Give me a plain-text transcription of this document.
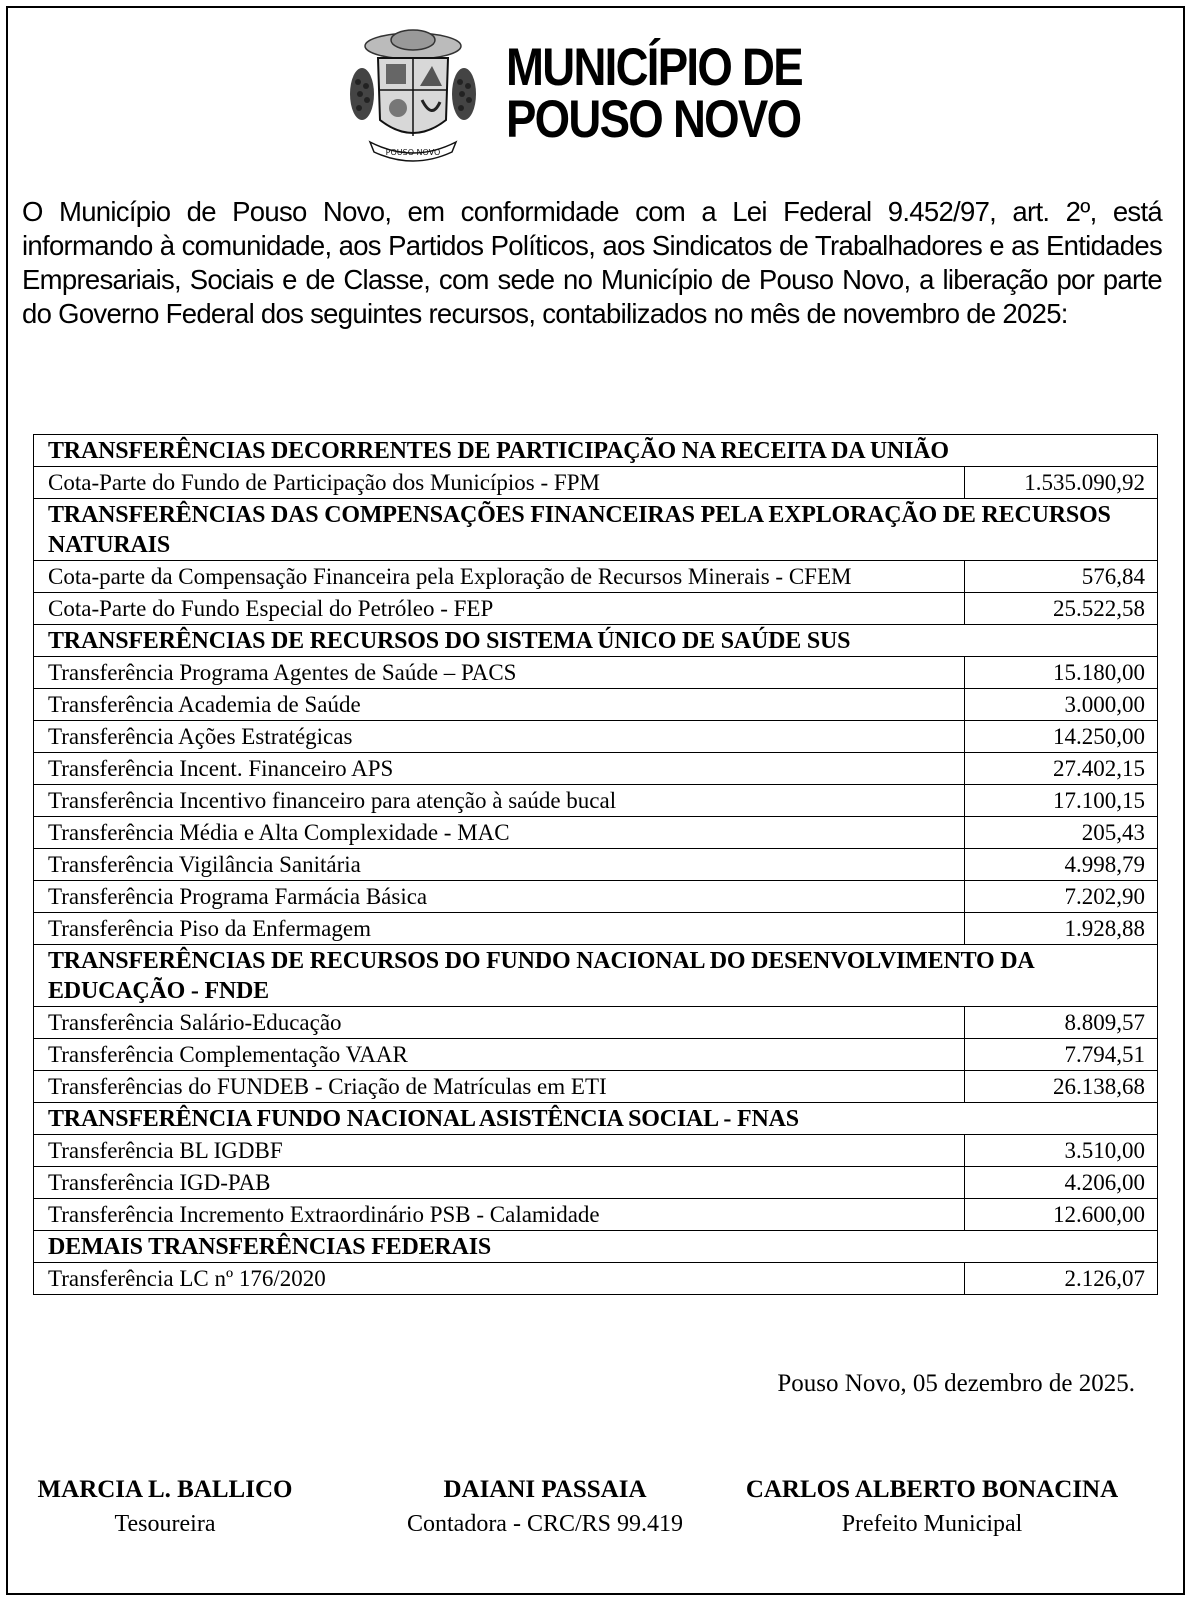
POUSO NOVO
MUNICÍPIO DE
POUSO NOVO
O Município de Pouso Novo, em conformidade com a Lei Federal 9.452/97, art. 2º, está informando à comunidade, aos Partidos Políticos, aos Sindicatos de Trabalhadores e as Entidades Empresariais, Sociais e de Classe, com sede no Município de Pouso Novo, a liberação por parte do Governo Federal dos seguintes recursos, contabilizados no mês de novembro de 2025:
TRANSFERÊNCIAS DECORRENTES DE PARTICIPAÇÃO NA RECEITA DA UNIÃO	
Cota-Parte do Fundo de Participação dos Municípios - FPM	1.535.090,92
TRANSFERÊNCIAS DAS COMPENSAÇÕES FINANCEIRAS PELA EXPLORAÇÃO DE RECURSOS NATURAIS	
Cota-parte da Compensação Financeira pela Exploração de Recursos Minerais - CFEM	576,84
Cota-Parte do Fundo Especial do Petróleo - FEP	25.522,58
TRANSFERÊNCIAS DE RECURSOS DO SISTEMA ÚNICO DE SAÚDE SUS	
Transferência Programa Agentes de Saúde – PACS	15.180,00
Transferência Academia de Saúde	3.000,00
Transferência Ações Estratégicas	14.250,00
Transferência Incent. Financeiro APS	27.402,15
Transferência Incentivo financeiro para atenção à saúde bucal	17.100,15
Transferência Média e Alta Complexidade - MAC	205,43
Transferência Vigilância Sanitária	4.998,79
Transferência Programa Farmácia Básica	7.202,90
Transferência Piso da Enfermagem	1.928,88
TRANSFERÊNCIAS DE RECURSOS DO FUNDO NACIONAL DO DESENVOLVIMENTO DA EDUCAÇÃO - FNDE	
Transferência Salário-Educação	8.809,57
Transferência Complementação VAAR	7.794,51
Transferências do FUNDEB - Criação de Matrículas em ETI	26.138,68
TRANSFERÊNCIA FUNDO NACIONAL ASISTÊNCIA SOCIAL - FNAS	
Transferência BL IGDBF	3.510,00
Transferência IGD-PAB	4.206,00
Transferência Incremento Extraordinário PSB - Calamidade	12.600,00
DEMAIS TRANSFERÊNCIAS FEDERAIS	
Transferência LC nº 176/2020	2.126,07
Pouso Novo, 05 dezembro de 2025.
MARCIA L. BALLICO
Tesoureira
DAIANI PASSAIA
Contadora - CRC/RS 99.419
CARLOS ALBERTO BONACINA
Prefeito Municipal
